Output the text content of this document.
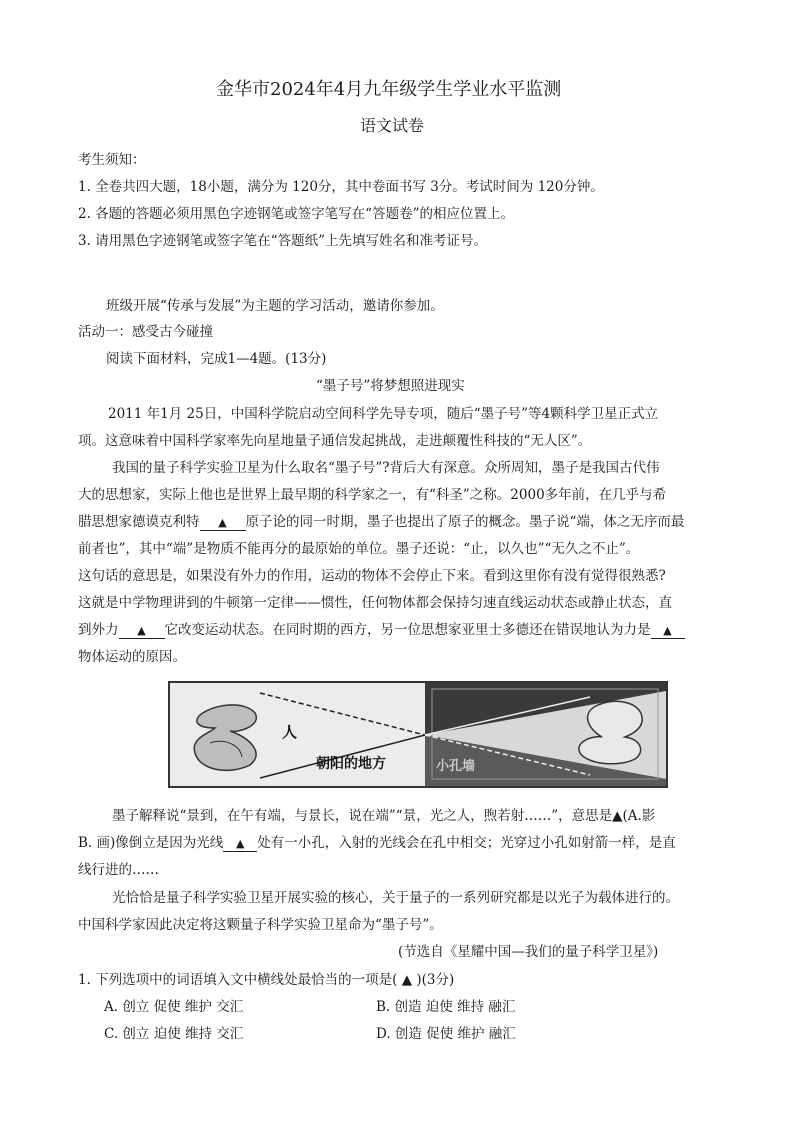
金华市2024年4月九年级学生学业水平监测
语文试卷
考生须知：
1. 全卷共四大题，18小题，满分为 120分，其中卷面书写 3分。考试时间为 120分钟。
2. 各题的答题必须用黑色字迹钢笔或签字笔写在“答题卷”的相应位置上。
3. 请用黑色字迹钢笔或签字笔在“答题纸”上先填写姓名和准考证号。
班级开展“传承与发展”为主题的学习活动，邀请你参加。
活动一：感受古今碰撞
阅读下面材料，完成1—4题。(13分)
“墨子号”将梦想照进现实
2011 年1月 25日，中国科学院启动空间科学先导专项，随后“墨子号”等4颗科学卫星正式立
项。这意味着中国科学家率先向星地量子通信发起挑战，走进颠覆性科技的“无人区”。
我国的量子科学实验卫星为什么取名“墨子号”?背后大有深意。众所周知，墨子是我国古代伟
大的思想家，实际上他也是世界上最早期的科学家之一，有“科圣”之称。2000多年前，在几乎与希
腊思想家德谟克利特 ▲ 原子论的同一时期，墨子也提出了原子的概念。墨子说“端，体之无序而最
前者也”，其中“端”是物质不能再分的最原始的单位。墨子还说：“止，以久也”“无久之不止”。
这句话的意思是，如果没有外力的作用，运动的物体不会停止下来。看到这里你有没有觉得很熟悉?
这就是中学物理讲到的牛顿第一定律——惯性，任何物体都会保持匀速直线运动状态或静止状态，直
到外力 ▲ 它改变运动状态。在同时期的西方，另一位思想家亚里士多德还在错误地认为力是 ▲
物体运动的原因。
人
朝阳的地方	小孔墙
墨子解释说“景到，在午有端，与景长，说在端”“景，光之人，煦若射……”，意思是▲(A.影
B. 画)像倒立是因为光线 ▲ 处有一小孔，入射的光线会在孔中相交；光穿过小孔如射箭一样，是直
线行进的……
光恰恰是量子科学实验卫星开展实验的核心，关于量子的一系列研究都是以光子为载体进行的。
中国科学家因此决定将这颗量子科学实验卫星命为“墨子号”。
(节选自《星耀中国—我们的量子科学卫星》)
1. 下列选项中的词语填入文中横线处最恰当的一项是( ▲ )(3分)
A. 创立 促使 维护 交汇	B. 创造 迫使 维持 融汇
C. 创立 迫使 维持 交汇	D. 创造 促使 维护 融汇
